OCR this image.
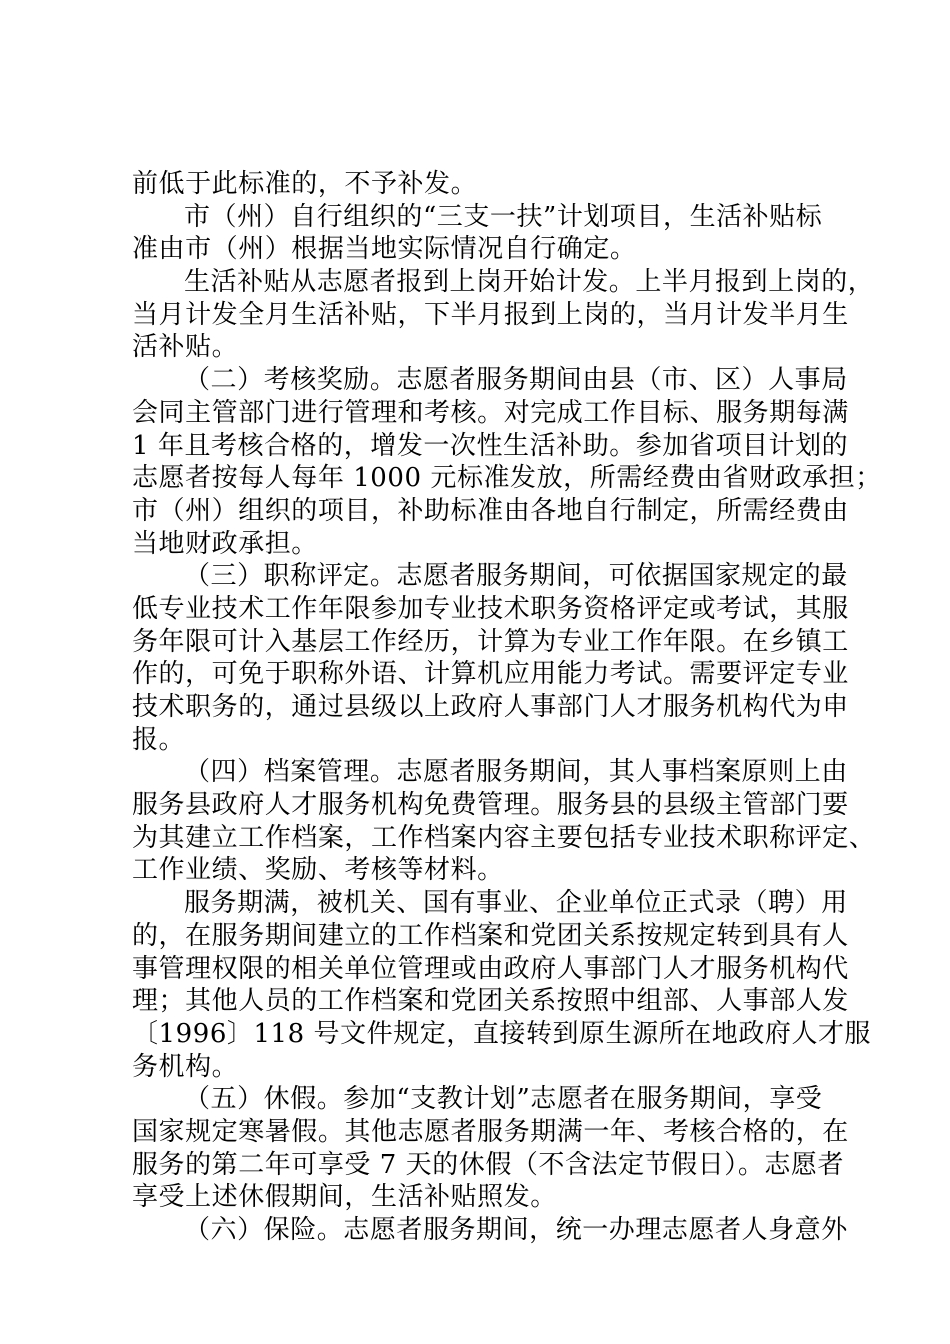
前低于此标准的，不予补发。
市（州）自行组织的“三支一扶”计划项目，生活补贴标
准由市（州）根据当地实际情况自行确定。
生活补贴从志愿者报到上岗开始计发。上半月报到上岗的，
当月计发全月生活补贴，下半月报到上岗的，当月计发半月生
活补贴。
（二）考核奖励。志愿者服务期间由县（市、区）人事局
会同主管部门进行管理和考核。对完成工作目标、服务期每满
1 年且考核合格的，增发一次性生活补助。参加省项目计划的
志愿者按每人每年 1000 元标准发放，所需经费由省财政承担；
市（州）组织的项目，补助标准由各地自行制定，所需经费由
当地财政承担。
（三）职称评定。志愿者服务期间，可依据国家规定的最
低专业技术工作年限参加专业技术职务资格评定或考试，其服
务年限可计入基层工作经历，计算为专业工作年限。在乡镇工
作的，可免于职称外语、计算机应用能力考试。需要评定专业
技术职务的，通过县级以上政府人事部门人才服务机构代为申
报。
（四）档案管理。志愿者服务期间，其人事档案原则上由
服务县政府人才服务机构免费管理。服务县的县级主管部门要
为其建立工作档案，工作档案内容主要包括专业技术职称评定、
工作业绩、奖励、考核等材料。
服务期满，被机关、国有事业、企业单位正式录（聘）用
的，在服务期间建立的工作档案和党团关系按规定转到具有人
事管理权限的相关单位管理或由政府人事部门人才服务机构代
理；其他人员的工作档案和党团关系按照中组部、人事部人发
〔1996〕118 号文件规定，直接转到原生源所在地政府人才服
务机构。
（五）休假。参加“支教计划”志愿者在服务期间，享受
国家规定寒暑假。其他志愿者服务期满一年、考核合格的，在
服务的第二年可享受 7 天的休假（不含法定节假日）。志愿者
享受上述休假期间，生活补贴照发。
（六）保险。志愿者服务期间，统一办理志愿者人身意外
